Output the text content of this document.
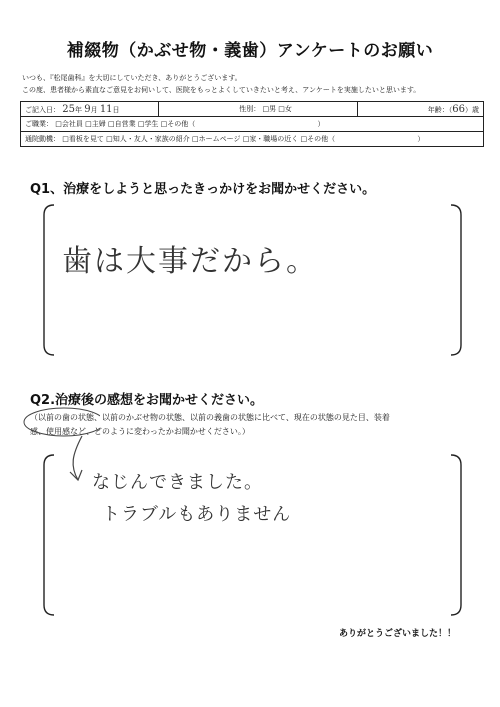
補綴物（かぶせ物・義歯）アンケートのお願い
いつも、『松尾歯科』を大切にしていただき、ありがとうございます。
この度、患者様から素直なご意見をお伺いして、医院をもっとよくしていきたいと考え、アンケートを実施したいと思います。
ご記入日： 25年 9月 11日	性別： □男 □女	年齢：（66）歳
ご職業： □会社員 □主婦 □自営業 □学生 □その他（	）
通院動機： □看板を見て □知人・友人・家族の紹介 □ホームページ □家・職場の近く □その他（	）
Q1、治療をしようと思ったきっかけをお聞かせください。
歯は大事だから。
Q2.治療後の感想をお聞かせください。
（以前の歯の状態、以前のかぶせ物の状態、以前の義歯の状態に比べて、現在の状態の見た目、装着
感、使用感など、どのように変わったかお聞かせください。）
なじんできました。
トラブルもありません
ありがとうございました！！
